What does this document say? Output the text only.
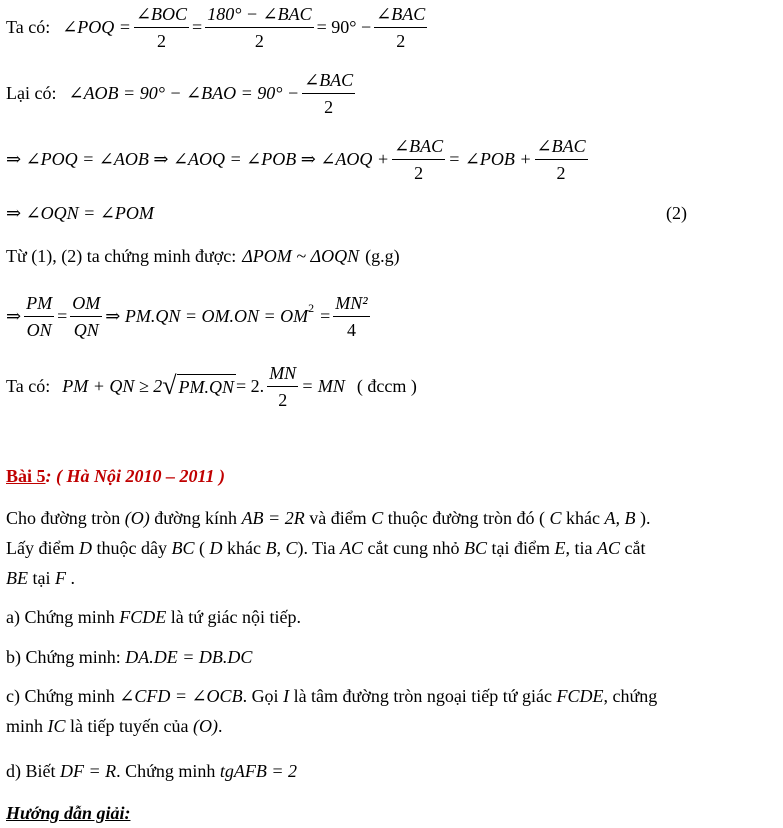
Ta có: ∠POQ = $\frac{\text{∠BOC}}{2} = \frac{\text{180° − ∠BAC}}{2} = 90^\circ - \frac{\text{∠BAC}}{2}$
Lại có: ∠AOB = 90° − ∠BAO = $90^\circ - \frac{\text{∠BAC}}{2}$
⇒ ∠POQ = ∠AOB ⇒ ∠AOQ = ∠POB ⇒ ∠AOQ + $\frac{\text{∠BAC}}{2}$ = ∠POB + $\frac{\text{∠BAC}}{2}$
⇒ ∠OQN = ∠POM	(2)
Từ (1), (2) ta chứng minh được: ΔPOM ~ ΔOQN (g.g)
⇒ $\frac{PM}{ON} = \frac{OM}{QN}$ ⇒ $PM.QN = OM.ON = OM^2 = \frac{\text{MN²}}{4}$
Ta có: PM + QN ≥ 2 √ PM.QN = 2. $\frac{MN}{2}$ = MN ( đccm )
Bài 5 : ( Hà Nội 2010 – 2011 )
Cho đường tròn (O) đường kính AB = 2R và điểm C thuộc đường tròn đó ( C khác A, B ).
Lấy điểm D thuộc dây BC ( D khác B, C). Tia AC cắt cung nhỏ BC tại điểm E, tia AC cắt
BE tại F .
a) Chứng minh FCDE là tứ giác nội tiếp.
b) Chứng minh: DA.DE = DB.DC
c) Chứng minh ∠CFD = ∠OCB. Gọi I là tâm đường tròn ngoại tiếp tứ giác FCDE, chứng
minh IC là tiếp tuyến của (O).
d) Biết DF = R. Chứng minh tgAFB = 2
Hướng dẫn giải:
